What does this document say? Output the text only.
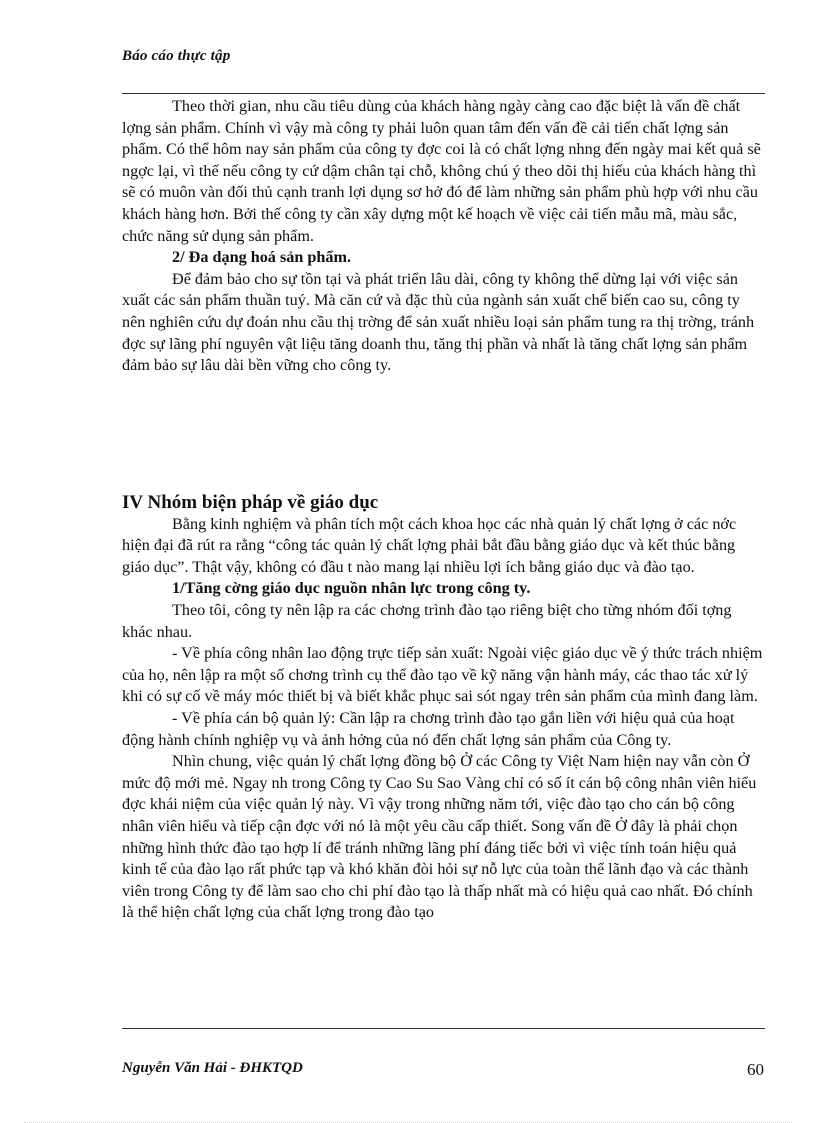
Báo cáo thực tập

Theo thời gian, nhu cầu tiêu dùng của khách hàng ngày càng cao đặc biệt là vấn đề chất lợng sản phẩm. Chính vì vậy mà công ty phải luôn quan tâm đến vấn đề cải tiến chất lợng sản phẩm. Có thể hôm nay sản phẩm của công ty đợc coi là có chất lợng nhng đến ngày mai kết quả sẽ ngợc lại, vì thế nếu công ty cứ dậm chân tại chỗ, không chú ý theo dõi thị hiếu của khách hàng thì sẽ có muôn vàn đối thủ cạnh tranh lợi dụng sơ hở đó để làm những sản phẩm phù hợp với nhu cầu khách hàng hơn. Bởi thế công ty cần xây dựng một kế hoạch về việc cải tiến mẫu mã, màu sắc, chức năng sử dụng sản phẩm.

2/ Đa dạng hoá sản phẩm.

Để đảm bảo cho sự tồn tại và phát triển lâu dài, công ty không thể dừng lại với việc sản xuất các sản phẩm thuần tuý. Mà căn cứ và đặc thù của ngành sản xuất chế biến cao su, công ty nên nghiên cứu dự đoán nhu cầu thị trờng để sản xuất nhiều loại sản phẩm tung ra thị trờng, tránh đợc sự lãng phí nguyên vật liệu tăng doanh thu, tăng thị phần và nhất là tăng chất lợng sản phẩm đảm bảo sự lâu dài bền vững cho công ty.

IV Nhóm biện pháp về giáo dục

Bằng kinh nghiệm và phân tích một cách khoa học các nhà quản lý chất lợng ở các nớc hiện đại đã rút ra rằng “công tác quản lý chất lợng phải bắt đầu bằng giáo dục và kết thúc bằng giáo dục”. Thật vậy, không có đầu t nào mang lại nhiều lợi ích bằng giáo dục và đào tạo.

1/Tăng cờng giáo dục nguồn nhân lực trong công ty.

Theo tôi, công ty nên lập ra các chơng trình đào tạo riêng biệt cho từng nhóm đối tợng khác nhau.

- Về phía công nhân lao động trực tiếp sản xuất: Ngoài việc giáo dục về ý thức trách nhiệm của họ, nên lập ra một số chơng trình cụ thể đào tạo về kỹ năng vận hành máy, các thao tác xử lý khi có sự cố về máy móc thiết bị và biết khắc phục sai sót ngay trên sản phẩm của mình đang làm.

- Về phía cán bộ quản lý: Cần lập ra chơng trình đào tạo gắn liền với hiệu quả của hoạt động hành chính nghiệp vụ và ảnh hởng của nó đến chất lợng sản phẩm của Công ty.

Nhìn chung, việc quản lý chất lợng đồng bộ Ở các Công ty Việt Nam hiện nay vẫn còn Ở mức độ mới mẻ. Ngay nh trong Công ty Cao Su Sao Vàng chỉ có số ít cán bộ công nhân viên hiểu đợc khái niệm của việc quản lý này. Vì vậy trong những năm tới, việc đào tạo cho cán bộ công nhân viên hiểu và tiếp cận đợc với nó là một yêu cầu cấp thiết. Song vấn đề Ở đây là phải chọn những hình thức đào tạo hợp lí để tránh những lãng phí đáng tiếc bởi vì việc tính toán hiệu quả kinh tế của đào lạo rất phức tạp và khó khăn đòi hỏi sự nỗ lực của toàn thể lãnh đạo và các thành viên trong Công ty để làm sao cho chi phí đào tạo là thấp nhất mà có hiệu quả cao nhất. Đó chính là thể hiện chất lợng của chất lợng trong đào tạo

Nguyễn Văn Hải - ĐHKTQD	60
